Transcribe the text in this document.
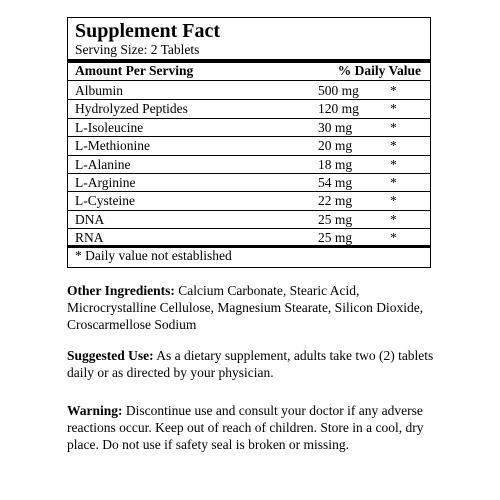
Supplement Fact
Serving Size: 2 Tablets
Amount Per Serving	% Daily Value
Albumin	500 mg	*
Hydrolyzed Peptides	120 mg	*
L-Isoleucine	30 mg	*
L-Methionine	20 mg	*
L-Alanine	18 mg	*
L-Arginine	54 mg	*
L-Cysteine	22 mg	*
DNA	25 mg	*
RNA	25 mg	*
* Daily value not established
Other Ingredients: Calcium Carbonate, Stearic Acid, Microcrystalline Cellulose, Magnesium Stearate, Silicon Dioxide, Croscarmellose Sodium
Suggested Use: As a dietary supplement, adults take two (2) tablets daily or as directed by your physician.
Warning: Discontinue use and consult your doctor if any adverse reactions occur. Keep out of reach of children. Store in a cool, dry place. Do not use if safety seal is broken or missing.
